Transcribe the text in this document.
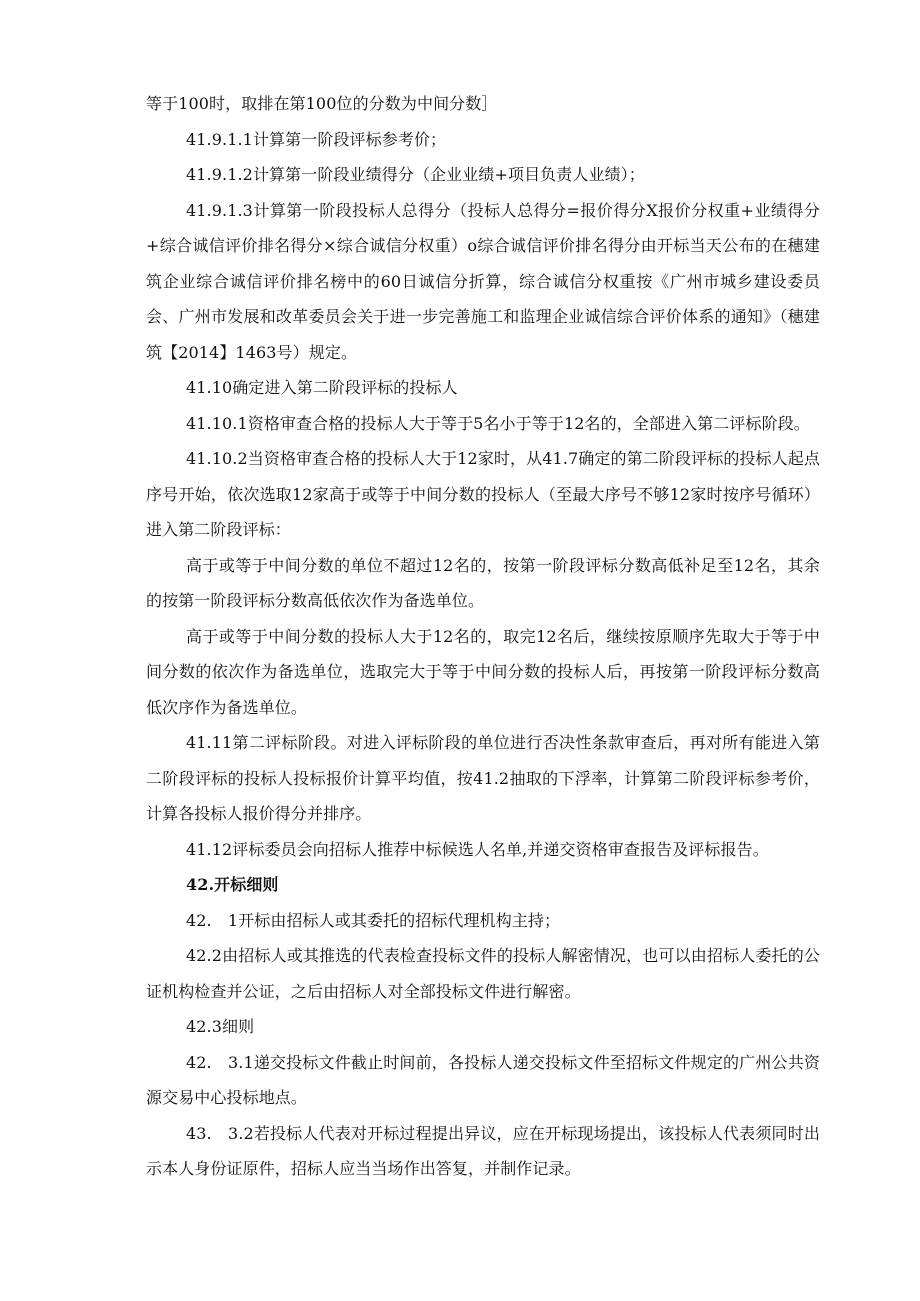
等于100时，取排在第100位的分数为中间分数］

41.9.1.1计算第一阶段评标参考价；

41.9.1.2计算第一阶段业绩得分（企业业绩+项目负责人业绩）；

41.9.1.3计算第一阶段投标人总得分（投标人总得分=报价得分X报价分权重+业绩得分+综合诚信评价排名得分×综合诚信分权重）o综合诚信评价排名得分由开标当天公布的在穗建筑企业综合诚信评价排名榜中的60日诚信分折算，综合诚信分权重按《广州市城乡建设委员会、广州市发展和改革委员会关于进一步完善施工和监理企业诚信综合评价体系的通知》（穗建筑【2014】1463号）规定。

41.10确定进入第二阶段评标的投标人

41.10.1资格审查合格的投标人大于等于5名小于等于12名的，全部进入第二评标阶段。

41.10.2当资格审查合格的投标人大于12家时，从41.7确定的第二阶段评标的投标人起点序号开始，依次选取12家高于或等于中间分数的投标人（至最大序号不够12家时按序号循环）进入第二阶段评标：

高于或等于中间分数的单位不超过12名的，按第一阶段评标分数高低补足至12名，其余的按第一阶段评标分数高低依次作为备选单位。

高于或等于中间分数的投标人大于12名的，取完12名后，继续按原顺序先取大于等于中间分数的依次作为备选单位，选取完大于等于中间分数的投标人后，再按第一阶段评标分数高低次序作为备选单位。

41.11第二评标阶段。对进入评标阶段的单位进行否决性条款审查后，再对所有能进入第二阶段评标的投标人投标报价计算平均值，按41.2抽取的下浮率，计算第二阶段评标参考价，计算各投标人报价得分并排序。

41.12评标委员会向招标人推荐中标候选人名单,并递交资格审查报告及评标报告。

42.开标细则

42.　1开标由招标人或其委托的招标代理机构主持；

42.2由招标人或其推选的代表检查投标文件的投标人解密情况，也可以由招标人委托的公证机构检查并公证，之后由招标人对全部投标文件进行解密。

42.3细则

42.　3.1递交投标文件截止时间前，各投标人递交投标文件至招标文件规定的广州公共资源交易中心投标地点。

43.　3.2若投标人代表对开标过程提出异议，应在开标现场提出，该投标人代表须同时出示本人身份证原件，招标人应当当场作出答复，并制作记录。
